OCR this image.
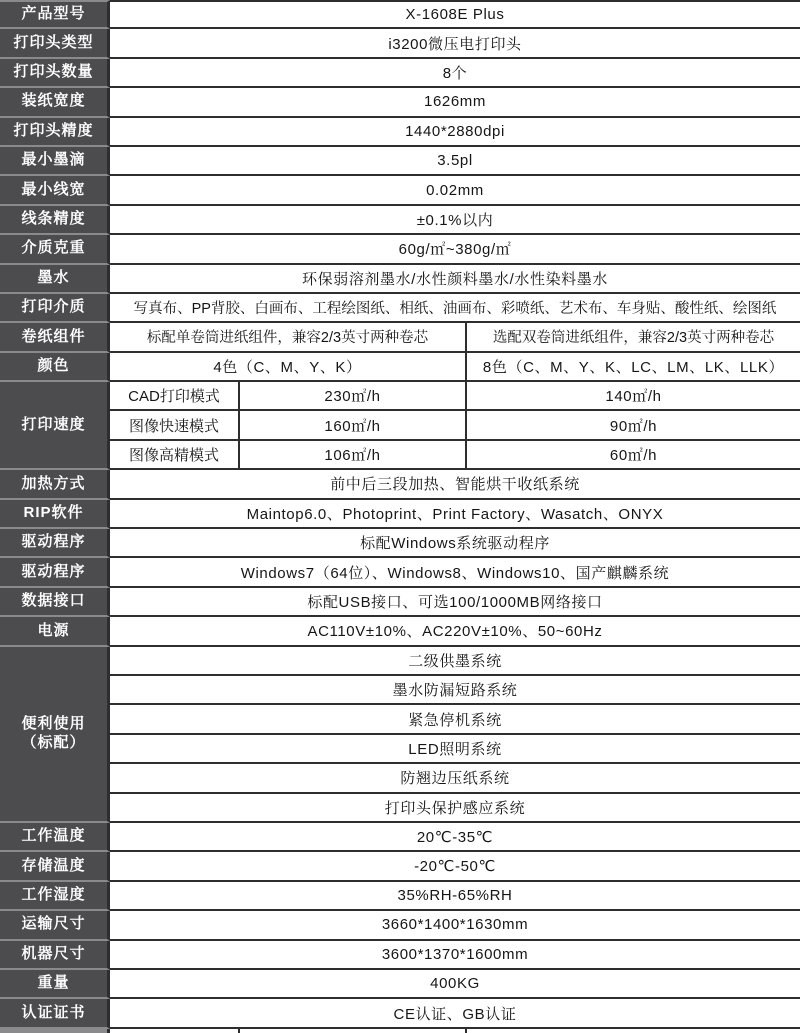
产品型号	X-1608E Plus
打印头类型	i3200微压电打印头
打印头数量	8个
装纸宽度	1626mm
打印头精度	1440*2880dpi
最小墨滴	3.5pl
最小线宽	0.02mm
线条精度	±0.1%以内
介质克重	60g/㎡~380g/㎡
墨水	环保弱溶剂墨水/水性颜料墨水/水性染料墨水
打印介质	写真布、PP背胶、白画布、工程绘图纸、相纸、油画布、彩喷纸、艺术布、车身贴、酸性纸、绘图纸
卷纸组件	标配单卷筒进纸组件，兼容2/3英寸两种卷芯	选配双卷筒进纸组件，兼容2/3英寸两种卷芯
颜色	4色（C、M、Y、K）	8色（C、M、Y、K、LC、LM、LK、LLK）
打印速度
CAD打印模式	230㎡/h	140㎡/h
图像快速模式	160㎡/h	90㎡/h
图像高精模式	106㎡/h	60㎡/h
加热方式	前中后三段加热、智能烘干收纸系统
RIP软件	Maintop6.0、Photoprint、Print Factory、Wasatch、ONYX
驱动程序	标配Windows系统驱动程序
驱动程序	Windows7（64位）、Windows8、Windows10、国产麒麟系统
数据接口	标配USB接口、可选100/1000MB网络接口
电源	AC110V±10%、AC220V±10%、50~60Hz
便利使用
（标配）
二级供墨系统
墨水防漏短路系统
紧急停机系统
LED照明系统
防翘边压纸系统
打印头保护感应系统
工作温度	20℃-35℃
存储温度	-20℃-50℃
工作湿度	35%RH-65%RH
运输尺寸	3660*1400*1630mm
机器尺寸	3600*1370*1600mm
重量	400KG
认证证书	CE认证、GB认证
